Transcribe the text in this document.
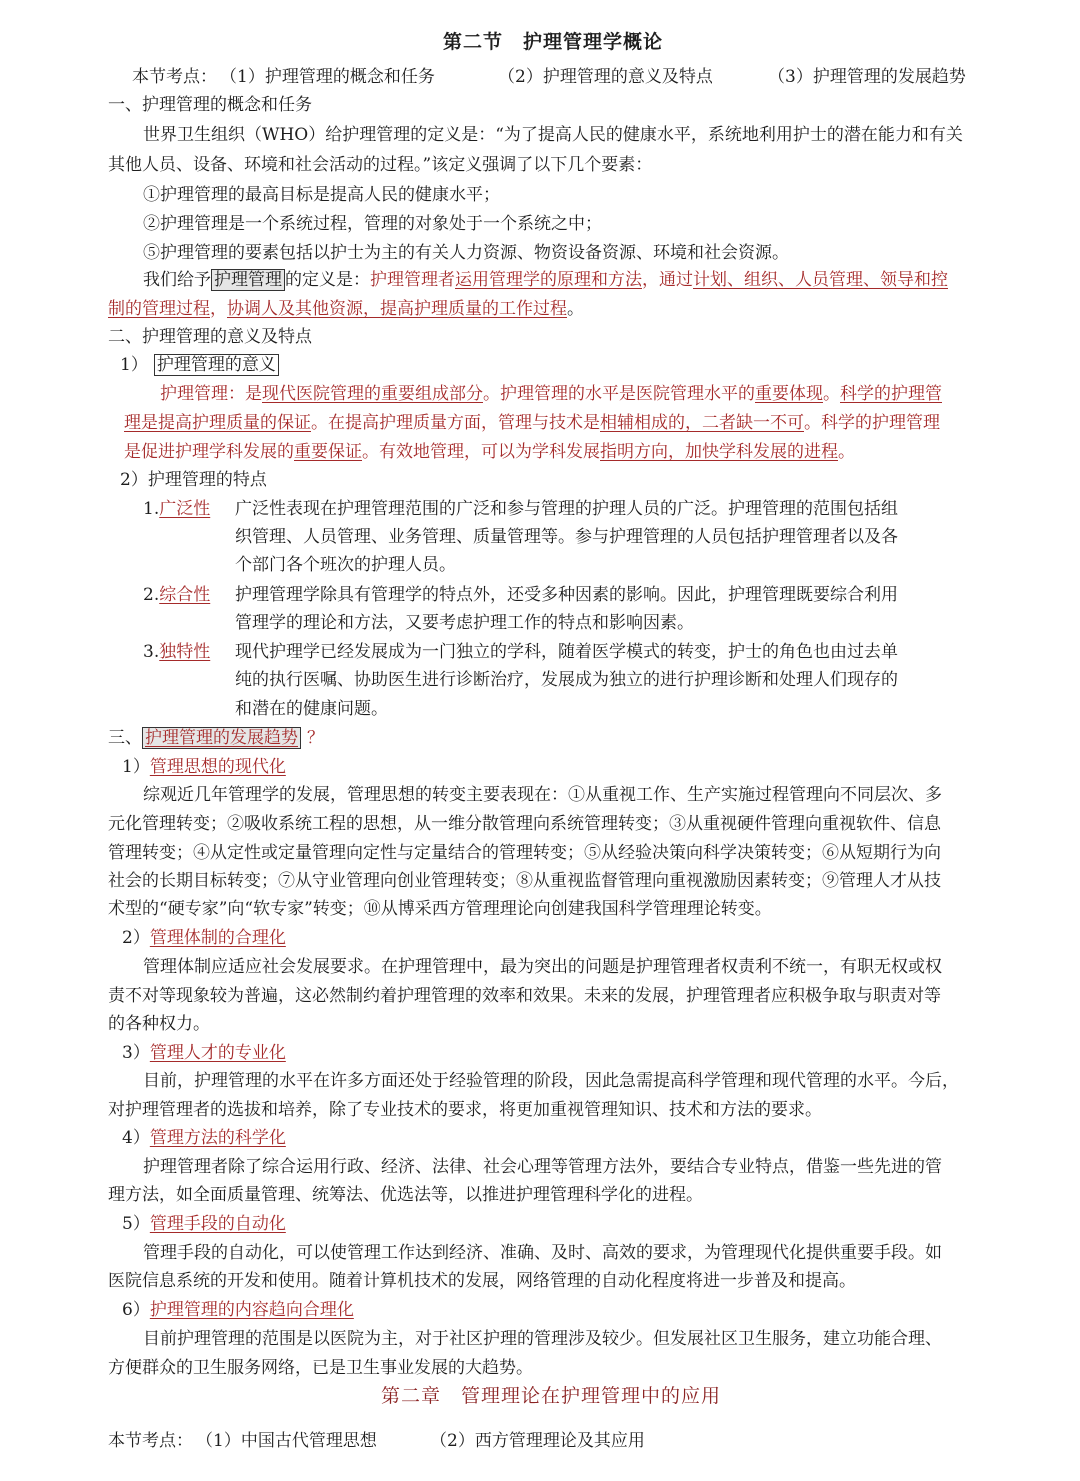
第二节　护理管理学概论
本节考点： （1）护理管理的概念和任务	（2）护理管理的意义及特点	（3）护理管理的发展趋势
一、护理管理的概念和任务
世界卫生组织（WHO）给护理管理的定义是：“为了提高人民的健康水平，系统地利用护士的潜在能力和有关
其他人员、设备、环境和社会活动的过程。”该定义强调了以下几个要素：
①护理管理的最高目标是提高人民的健康水平；
②护理管理是一个系统过程，管理的对象处于一个系统之中；
⑤护理管理的要素包括以护士为主的有关人力资源、物资设备资源、环境和社会资源。
我们给予 护理管理 的定义是：护理管理者运用管理学的原理和方法，通过计划、组织、人员管理、领导和控
制的管理过程，协调人及其他资源，提高护理质量的工作过程。
二、护理管理的意义及特点
1） 护理管理的意义
护理管理：是现代医院管理的重要组成部分。护理管理的水平是医院管理水平的重要体现。科学的护理管
理是提高护理质量的保证。在提高护理质量方面，管理与技术是相辅相成的，二者缺一不可。科学的护理管理
是促进护理学科发展的重要保证。有效地管理，可以为学科发展指明方向，加快学科发展的进程。
2）护理管理的特点
1.广泛性 广泛性表现在护理管理范围的广泛和参与管理的护理人员的广泛。护理管理的范围包括组
织管理、人员管理、业务管理、质量管理等。参与护理管理的人员包括护理管理者以及各
个部门各个班次的护理人员。
2.综合性 护理管理学除具有管理学的特点外，还受多种因素的影响。因此，护理管理既要综合利用
管理学的理论和方法，又要考虑护理工作的特点和影响因素。
3.独特性 现代护理学已经发展成为一门独立的学科，随着医学模式的转变，护士的角色也由过去单
纯的执行医嘱、协助医生进行诊断治疗，发展成为独立的进行护理诊断和处理人们现存的
和潜在的健康问题。
三、 护理管理的发展趋势 ？
1）管理思想的现代化
综观近几年管理学的发展，管理思想的转变主要表现在：①从重视工作、生产实施过程管理向不同层次、多
元化管理转变；②吸收系统工程的思想，从一维分散管理向系统管理转变；③从重视硬件管理向重视软件、信息
管理转变；④从定性或定量管理向定性与定量结合的管理转变；⑤从经验决策向科学决策转变；⑥从短期行为向
社会的长期目标转变；⑦从守业管理向创业管理转变；⑧从重视监督管理向重视激励因素转变；⑨管理人才从技
术型的“硬专家”向“软专家”转变；⑩从博采西方管理理论向创建我国科学管理理论转变。
2）管理体制的合理化
管理体制应适应社会发展要求。在护理管理中，最为突出的问题是护理管理者权责利不统一，有职无权或权
责不对等现象较为普遍，这必然制约着护理管理的效率和效果。未来的发展，护理管理者应积极争取与职责对等
的各种权力。
3）管理人才的专业化
目前，护理管理的水平在许多方面还处于经验管理的阶段，因此急需提高科学管理和现代管理的水平。今后，
对护理管理者的选拔和培养，除了专业技术的要求，将更加重视管理知识、技术和方法的要求。
4）管理方法的科学化
护理管理者除了综合运用行政、经济、法律、社会心理等管理方法外，要结合专业特点，借鉴一些先进的管
理方法，如全面质量管理、统筹法、优选法等，以推进护理管理科学化的进程。
5）管理手段的自动化
管理手段的自动化，可以使管理工作达到经济、准确、及时、高效的要求，为管理现代化提供重要手段。如
医院信息系统的开发和使用。随着计算机技术的发展，网络管理的自动化程度将进一步普及和提高。
6）护理管理的内容趋向合理化
目前护理管理的范围是以医院为主，对于社区护理的管理涉及较少。但发展社区卫生服务，建立功能合理、
方便群众的卫生服务网络，已是卫生事业发展的大趋势。
第二章　管理理论在护理管理中的应用
本节考点： （1）中国古代管理思想	（2）西方管理理论及其应用
